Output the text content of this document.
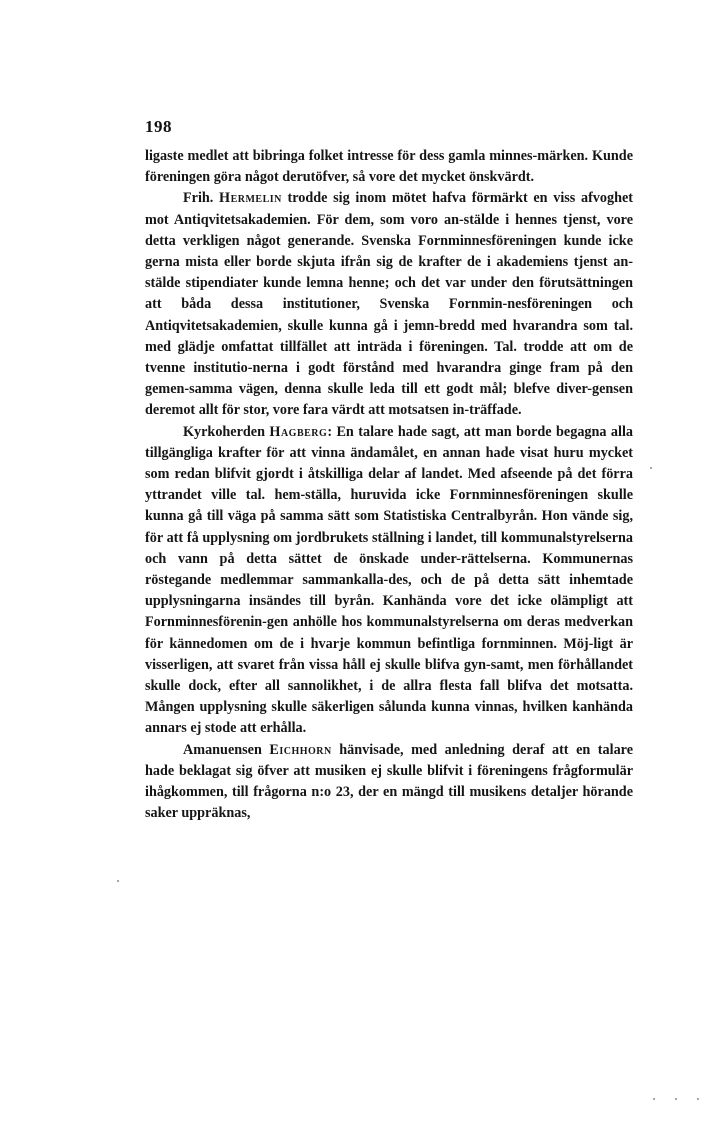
198

ligaste medlet att bibringa folket intresse för dess gamla minnes-märken. Kunde föreningen göra något derutöfver, så vore det mycket önskvärdt.

Frih. Hermelin trodde sig inom mötet hafva förmärkt en viss afvoghet mot Antiqvitetsakademien. För dem, som voro an-stälde i hennes tjenst, vore detta verkligen något generande. Svenska Fornminnesföreningen kunde icke gerna mista eller borde skjuta ifrån sig de krafter de i akademiens tjenst an-stälde stipendiater kunde lemna henne; och det var under den förutsättningen att båda dessa institutioner, Svenska Fornmin-nesföreningen och Antiqvitetsakademien, skulle kunna gå i jemn-bredd med hvarandra som tal. med glädje omfattat tillfället att inträda i föreningen. Tal. trodde att om de tvenne institutio-nerna i godt förstånd med hvarandra ginge fram på den gemen-samma vägen, denna skulle leda till ett godt mål; blefve diver-gensen deremot allt för stor, vore fara värdt att motsatsen in-träffade.

Kyrkoherden Hagberg: En talare hade sagt, att man borde begagna alla tillgängliga krafter för att vinna ändamålet, en annan hade visat huru mycket som redan blifvit gjordt i åtskilliga delar af landet. Med afseende på det förra yttrandet ville tal. hem-ställa, huruvida icke Fornminnesföreningen skulle kunna gå till väga på samma sätt som Statistiska Centralbyrån. Hon vände sig, för att få upplysning om jordbrukets ställning i landet, till kommunalstyrelserna och vann på detta sättet de önskade under-rättelserna. Kommunernas röstegande medlemmar sammankalla-des, och de på detta sätt inhemtade upplysningarna insändes till byrån. Kanhända vore det icke olämpligt att Fornminnesförenin-gen anhölle hos kommunalstyrelserna om deras medverkan för kännedomen om de i hvarje kommun befintliga fornminnen. Möj-ligt är visserligen, att svaret från vissa håll ej skulle blifva gyn-samt, men förhållandet skulle dock, efter all sannolikhet, i de allra flesta fall blifva det motsatta. Mången upplysning skulle säkerligen sålunda kunna vinnas, hvilken kanhända annars ej stode att erhålla.

Amanuensen Eichhorn hänvisade, med anledning deraf att en talare hade beklagat sig öfver att musiken ej skulle blifvit i föreningens frågformulär ihågkommen, till frågorna n:o 23, der en mängd till musikens detaljer hörande saker uppräknas,
